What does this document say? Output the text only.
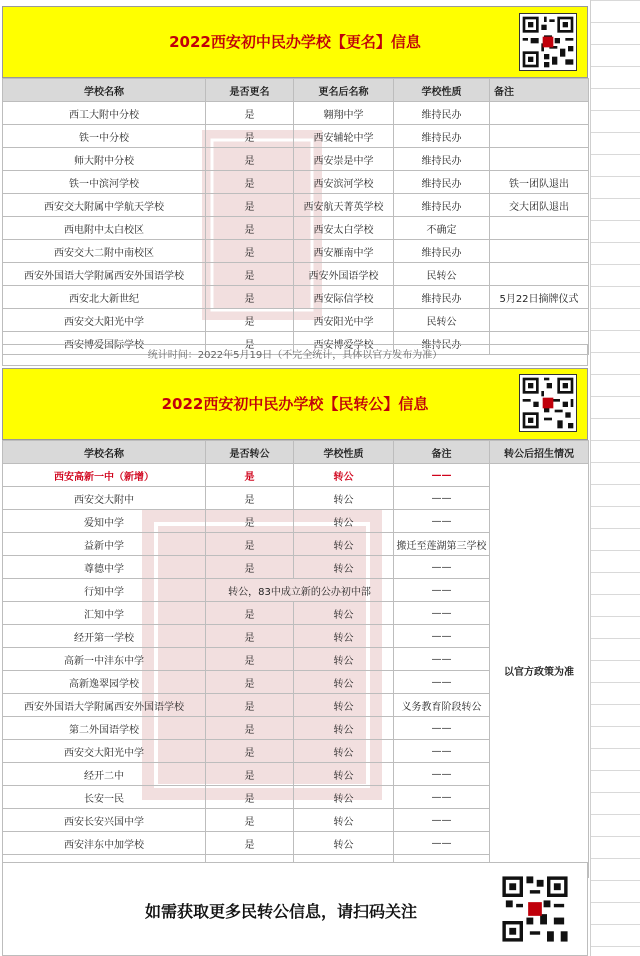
2022西安初中民办学校【更名】信息
学校名称	是否更名	更名后名称	学校性质	备注
西工大附中分校	是	翱翔中学	维持民办	
铁一中分校	是	西安辅轮中学	维持民办	
师大附中分校	是	西安崇是中学	维持民办	
铁一中滨河学校	是	西安滨河学校	维持民办	铁一团队退出
西安交大附属中学航天学校	是	西安航天菁英学校	维持民办	交大团队退出
西电附中太白校区	是	西安太白学校	不确定	
西安交大二附中南校区	是	西安雁南中学	维持民办	
西安外国语大学附属西安外国语学校	是	西安外国语学校	民转公	
西安北大新世纪	是	西安际信学校	维持民办	5月22日摘牌仪式
西安交大阳光中学	是	西安阳光中学	民转公	
西安博爱国际学校	是	西安博爱学校	维持民办	
统计时间：2022年5月19日（不完全统计，具体以官方发布为准）
2022西安初中民办学校【民转公】信息
学校名称	是否转公	学校性质	备注	转公后招生情况
西安高新一中（新增）	是	转公	——	以官方政策为准
西安交大附中	是	转公	——	
爱知中学	是	转公	——	
益新中学	是	转公	搬迁至莲湖第三学校	
尊德中学	是	转公	——	
行知中学	转公，83中成立新的公办初中部		——	
汇知中学	是	转公	——	
经开第一学校	是	转公	——	
高新一中沣东中学	是	转公	——	
高新逸翠园学校	是	转公	——	
西安外国语大学附属西安外国语学校	是	转公	义务教育阶段转公	
第二外国语学校	是	转公	——	
西安交大阳光中学	是	转公	——	
经开二中	是	转公	——	
长安一民	是	转公	——	
西安长安兴国中学	是	转公	——	
西安沣东中加学校	是	转公	——	

如需获取更多民转公信息，请扫码关注
